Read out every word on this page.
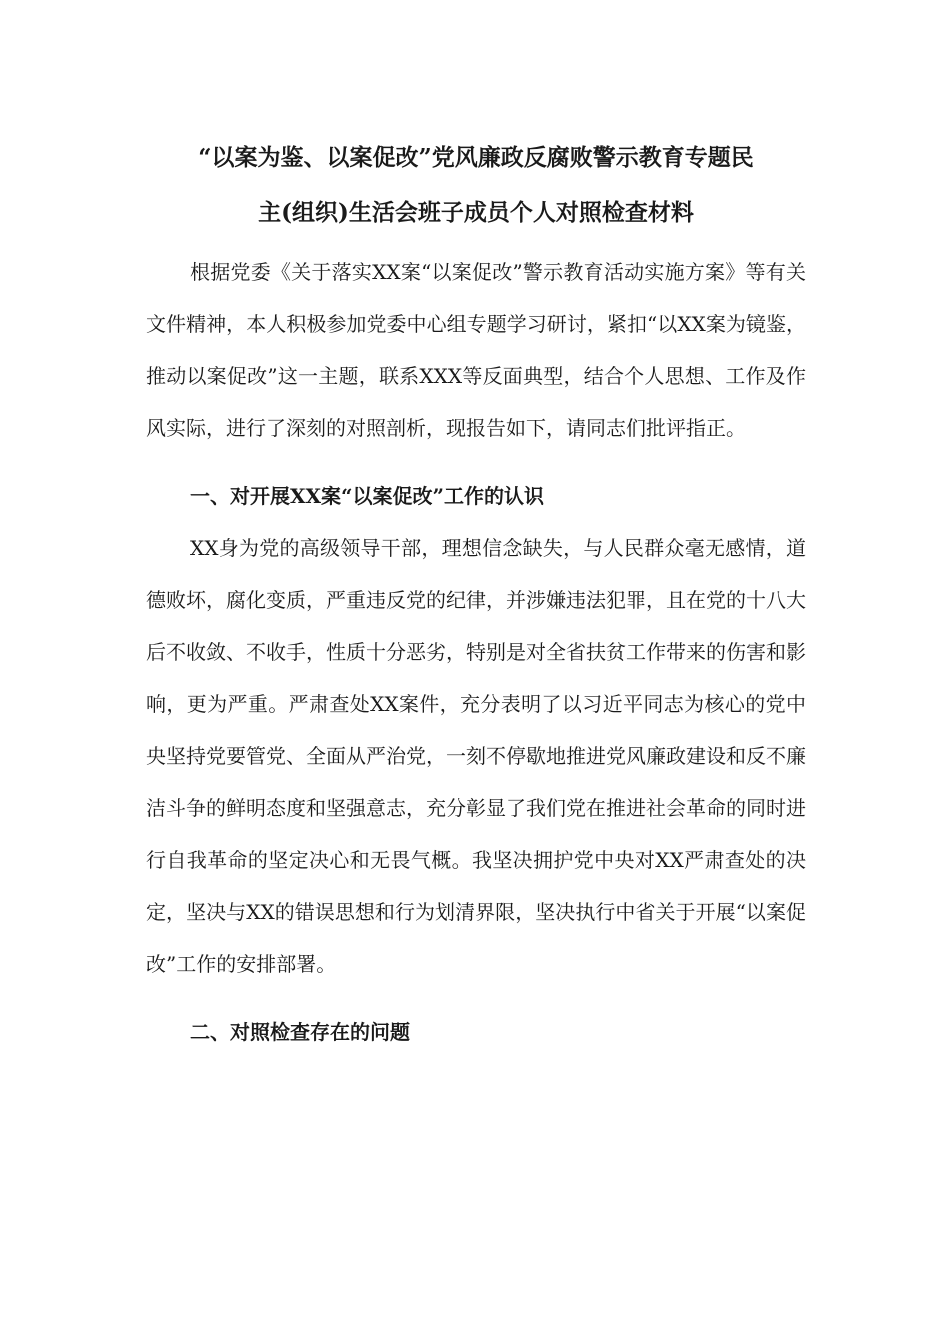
“以案为鉴、以案促改”党风廉政反腐败警示教育专题民
主(组织)生活会班子成员个人对照检查材料

根据党委《关于落实XX案“以案促改”警示教育活动实施方案》等有关文件精神，本人积极参加党委中心组专题学习研讨，紧扣“以XX案为镜鉴，推动以案促改”这一主题，联系XXX等反面典型，结合个人思想、工作及作风实际，进行了深刻的对照剖析，现报告如下，请同志们批评指正。

一、对开展XX案“以案促改”工作的认识

XX身为党的高级领导干部，理想信念缺失，与人民群众毫无感情，道德败坏，腐化变质，严重违反党的纪律，并涉嫌违法犯罪，且在党的十八大后不收敛、不收手，性质十分恶劣，特别是对全省扶贫工作带来的伤害和影响，更为严重。严肃查处XX案件，充分表明了以习近平同志为核心的党中央坚持党要管党、全面从严治党，一刻不停歇地推进党风廉政建设和反不廉洁斗争的鲜明态度和坚强意志，充分彰显了我们党在推进社会革命的同时进行自我革命的坚定决心和无畏气概。我坚决拥护党中央对XX严肃查处的决定，坚决与XX的错误思想和行为划清界限，坚决执行中省关于开展“以案促改”工作的安排部署。

二、对照检查存在的问题
